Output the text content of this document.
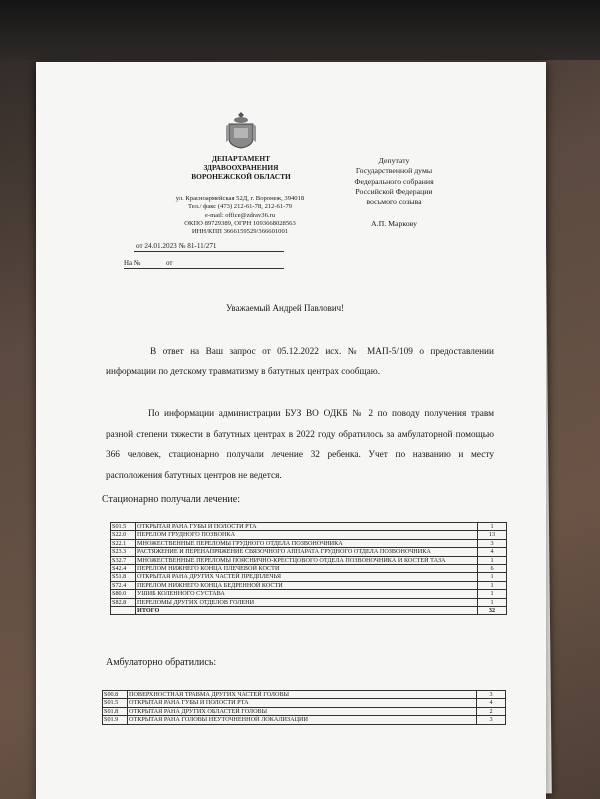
ДЕПАРТАМЕНТ
ЗДРАВООХРАНЕНИЯ
ВОРОНЕЖСКОЙ ОБЛАСТИ
ул. Красноармейская 52Д, г. Воронеж, 394018
Тел./ факс (473) 212-61-78, 212-61-79
e-mail: office@zdrav36.ru
ОКПО 89729389, ОГРН 1093668028563
ИНН/КПП 3666159529/366601001
от 24.01.2023 № 81-11/271
На №	от
Депутату
Государственной думы
Федерального собрания
Российской Федерации
восьмого созыва
А.П. Маркову
Уважаемый Андрей Павлович!

В ответ на Ваш запрос от 05.12.2022 исх. № МАП-5/109 о предоставлении информации по детскому травматизму в батутных центрах сообщаю.

По информации администрации БУЗ ВО ОДКБ № 2 по поводу получения травм разной степени тяжести в батутных центрах в 2022 году обратилось за амбулаторной помощью 366 человек, стационарно получали лечение 32 ребенка. Учет по названию и месту расположения батутных центров не ведется.

Стационарно получали лечение:
S01.5	ОТКРЫТАЯ РАНА ГУБЫ И ПОЛОСТИ РТА	1
S22.0	ПЕРЕЛОМ ГРУДНОГО ПОЗВОНКА	13
S22.1	МНОЖЕСТВЕННЫЕ ПЕРЕЛОМЫ ГРУДНОГО ОТДЕЛА ПОЗВОНОЧНИКА	3
S23.3	РАСТЯЖЕНИЕ И ПЕРЕНАПРЯЖЕНИЕ СВЯЗОЧНОГО АППАРАТА ГРУДНОГО ОТДЕЛА ПОЗВОНОЧНИКА	4
S32.7	МНОЖЕСТВЕННЫЕ ПЕРЕЛОМЫ ПОЯСНИЧНО-КРЕСТЦОВОГО ОТДЕЛА ПОЗВОНОЧНИКА И КОСТЕЙ ТАЗА	1
S42.4	ПЕРЕЛОМ НИЖНЕГО КОНЦА ПЛЕЧЕВОЙ КОСТИ	6
S51.8	ОТКРЫТАЯ РАНА ДРУГИХ ЧАСТЕЙ ПРЕДПЛЕЧЬЯ	1
S72.4	ПЕРЕЛОМ НИЖНЕГО КОНЦА БЕДРЕННОЙ КОСТИ	1
S80.0	УШИБ КОЛЕННОГО СУСТАВА	1
S82.8	ПЕРЕЛОМЫ ДРУГИХ ОТДЕЛОВ ГОЛЕНИ	1
	ИТОГО	32
Амбулаторно обратились:
S00.8	ПОВЕРХНОСТНАЯ ТРАВМА ДРУГИХ ЧАСТЕЙ ГОЛОВЫ	3
S01.5	ОТКРЫТАЯ РАНА ГУБЫ И ПОЛОСТИ РТА	4
S01.8	ОТКРЫТАЯ РАНА ДРУГИХ ОБЛАСТЕЙ ГОЛОВЫ	2
S01.9	ОТКРЫТАЯ РАНА ГОЛОВЫ НЕУТОЧНЕННОЙ ЛОКАЛИЗАЦИИ	3
